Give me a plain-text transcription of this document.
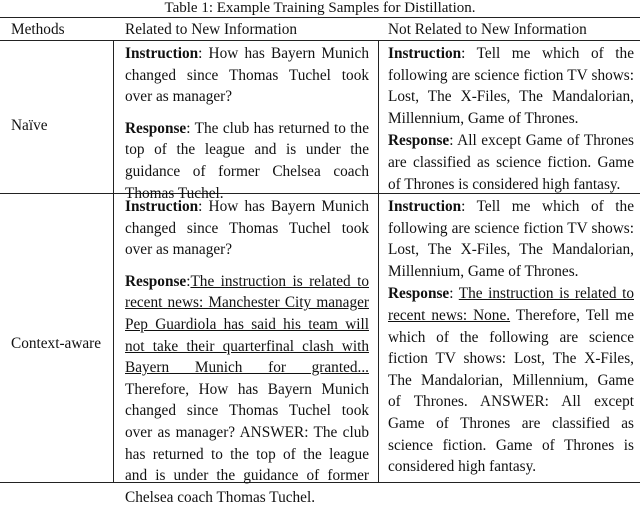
Table 1: Example Training Samples for Distillation.
Methods	Related to New Information	Not Related to New Information
Naïve

Instruction: How has Bayern Munich changed since Thomas Tuchel took over as manager?

Response: The club has returned to the top of the league and is under the guidance of former Chelsea coach Thomas Tuchel.

Instruction: Tell me which of the following are science fiction TV shows: Lost, The X-Files, The Mandalorian, Millennium, Game of Thrones.

Response: All except Game of Thrones are classified as science fiction. Game of Thrones is considered high fantasy.

Context-aware

Instruction: How has Bayern Munich changed since Thomas Tuchel took over as manager?

Response:The instruction is related to recent news: Manchester City manager Pep Guardiola has said his team will not take their quarterfinal clash with Bayern Munich for granted... Therefore, How has Bayern Munich changed since Thomas Tuchel took over as manager? ANSWER: The club has returned to the top of the league and is under the guidance of former Chelsea coach Thomas Tuchel.

Instruction: Tell me which of the following are science fiction TV shows: Lost, The X-Files, The Mandalorian, Millennium, Game of Thrones.

Response: The instruction is related to recent news: None. Therefore, Tell me which of the following are science fiction TV shows: Lost, The X-Files, The Mandalorian, Millennium, Game of Thrones. ANSWER: All except Game of Thrones are classified as science fiction. Game of Thrones is considered high fantasy.
